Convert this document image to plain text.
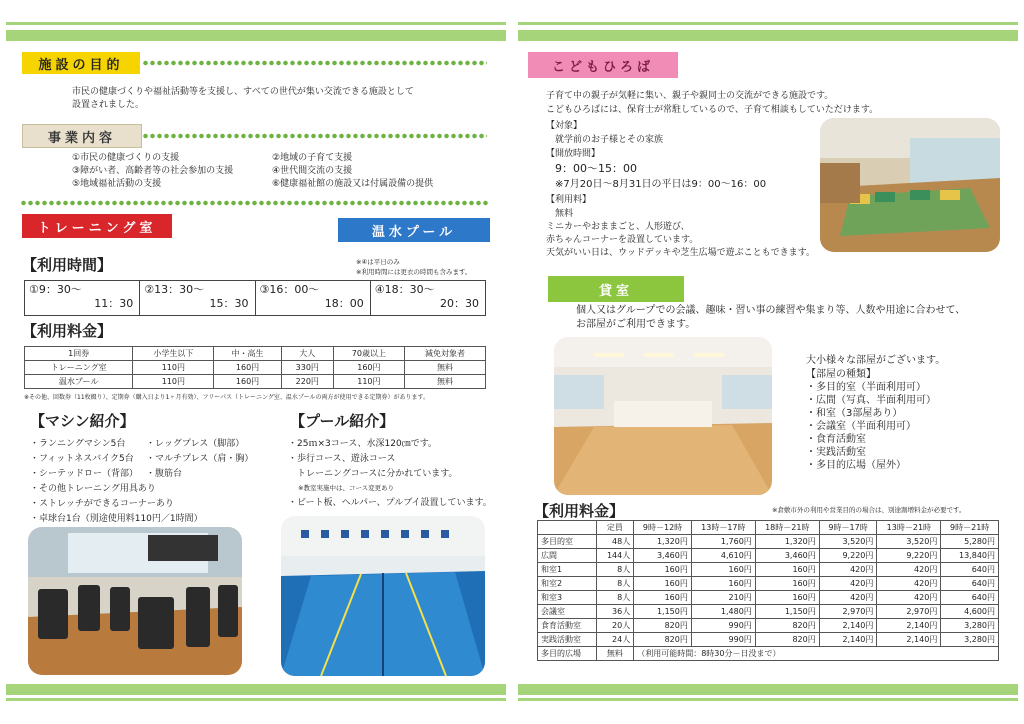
施設の目的
市民の健康づくりや福祉活動等を支援し、すべての世代が集い交流できる施設として
設置されました。
事業内容
①市民の健康づくりの支援	②地域の子育て支援
③障がい者、高齢者等の社会参加の支援	④世代間交流の支援
⑤地域福祉活動の支援	⑥健康福祉館の施設又は付属設備の提供
トレーニング室	温水プール
【利用時間】	※④は平日のみ
※利用時間には更衣の時間も含みます。
①9：30～

11：30
②13：30～

15：30
③16：00～

18：00
④18：30～

20：30
【利用料金】
1回券	小学生以下	中・高生	大人	70歳以上	減免対象者
トレーニング室	110円	160円	330円	160円	無料
温水プール	110円	160円	220円	110円	無料
※その他、回数券（11枚綴り）、定期券（購入日より1ヶ月有効）、フリーパス（トレーニング室、温水プールの両方が使用できる定期券）があります。
【マシン紹介】
・ランニングマシン5台
・フィットネスバイク5台
・シーテッドロー（背部）
・その他トレーニング用具あり
・ストレッチができるコーナーあり
・卓球台1台（別途使用料110円／1時間）
・レッグプレス（脚部）
・マルチプレス（肩・胸）
・腹筋台
【プール紹介】
・25ｍ×3コース、水深120㎝です。
・歩行コース、遊泳コース
　トレーニングコースに分かれています。
※教室実施中は、コース変更あり
・ビート板、ヘルパー、プルブイ設置しています。
こどもひろば
子育て中の親子が気軽に集い、親子や親同士の交流ができる施設です。
こどもひろばには、保育士が常駐しているので、子育て相談もしていただけます。
【対象】
就学前のお子様とその家族
【開放時間】
9：00～15：00
※7月20日～8月31日の平日は9：00～16：00
【利用料】
無料
ミニカーやおままごと、人形遊び、
赤ちゃんコーナーを設置しています。
天気がいい日は、ウッドデッキや芝生広場で遊ぶこともできます。
貸室
個人又はグループでの会議、趣味・習い事の練習や集まり等、人数や用途に合わせて、
お部屋がご利用できます。
大小様々な部屋がございます。
【部屋の種類】
・多目的室（半面利用可）
・広間（写真、半面利用可）
・和室（3部屋あり）
・会議室（半面利用可）
・食育活動室
・実践活動室
・多目的広場（屋外）
【利用料金】	※倉敷市外の利用や営業目的の場合は、別途割増料金が必要です。
	定員	9時－12時	13時－17時	18時－21時	9時－17時	13時－21時	9時－21時
多目的室	48人	1,320円	1,760円	1,320円	3,520円	3,520円	5,280円
広間	144人	3,460円	4,610円	3,460円	9,220円	9,220円	13,840円
和室1	8人	160円	160円	160円	420円	420円	640円
和室2	8人	160円	160円	160円	420円	420円	640円
和室3	8人	160円	210円	160円	420円	420円	640円
会議室	36人	1,150円	1,480円	1,150円	2,970円	2,970円	4,600円
食育活動室	20人	820円	990円	820円	2,140円	2,140円	3,280円
実践活動室	24人	820円	990円	820円	2,140円	2,140円	3,280円
多目的広場	無料	（利用可能時間：8時30分－日没まで）					
